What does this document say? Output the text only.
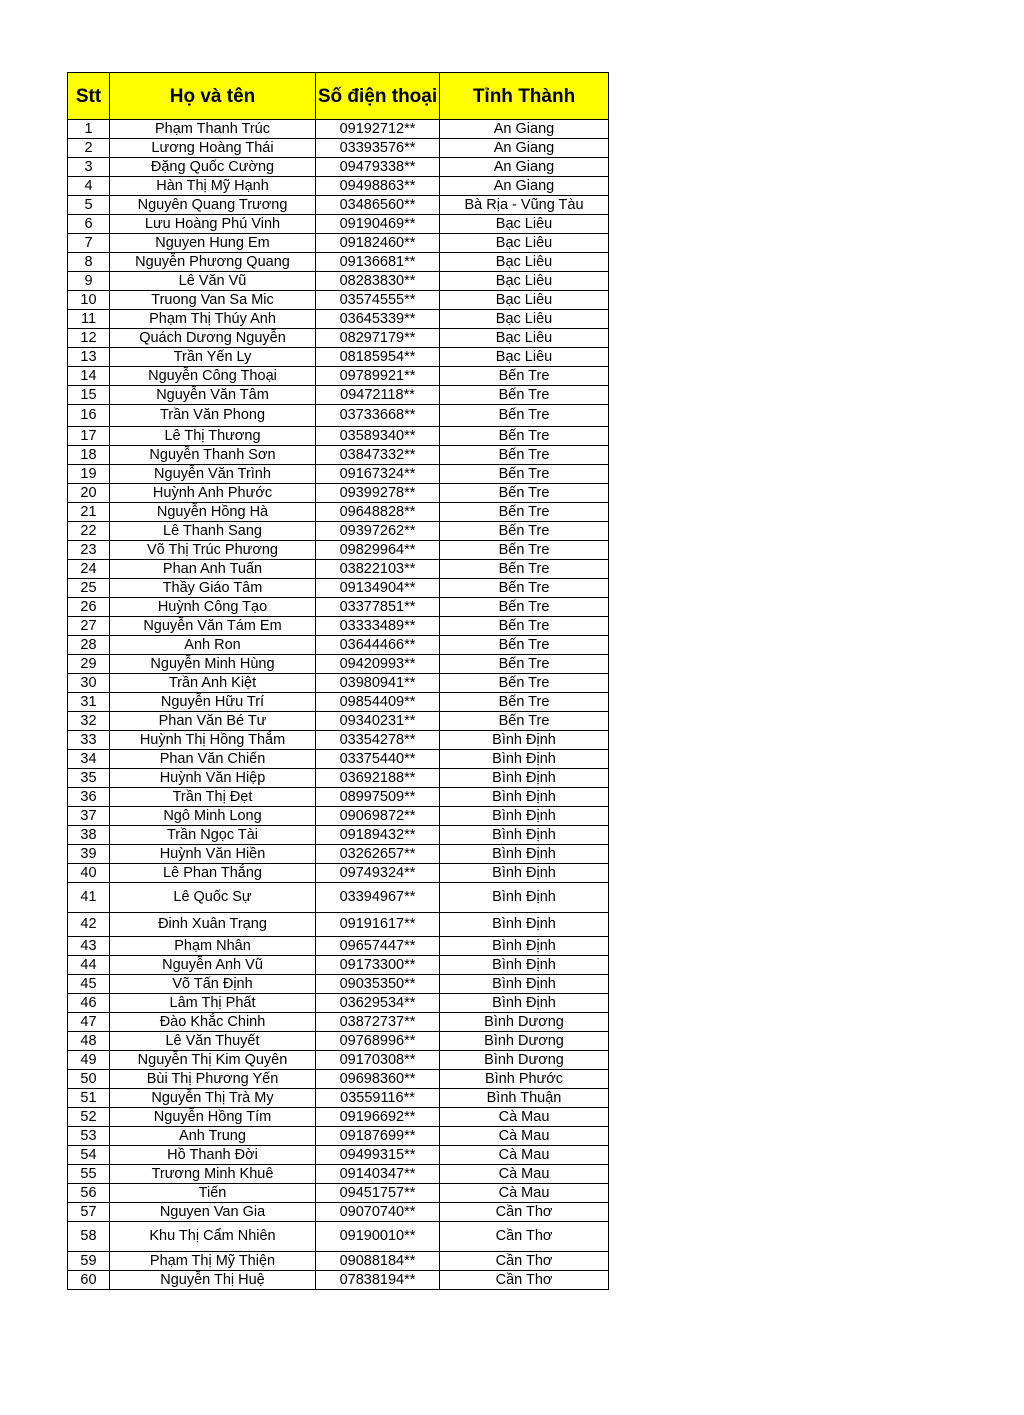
Stt	Họ và tên	Số điện thoại	Tỉnh Thành
1	Phạm Thanh Trúc	09192712**	An Giang
2	Lương Hoàng Thái	03393576**	An Giang
3	Đặng Quốc Cường	09479338**	An Giang
4	Hàn Thị Mỹ Hạnh	09498863**	An Giang
5	Nguyên Quang Trương	03486560**	Bà Rịa - Vũng Tàu
6	Lưu Hoàng Phú Vinh	09190469**	Bạc Liêu
7	Nguyen Hung Em	09182460**	Bạc Liêu
8	Nguyễn Phương Quang	09136681**	Bạc Liêu
9	Lê Văn Vũ	08283830**	Bạc Liêu
10	Truong Van Sa Mic	03574555**	Bạc Liêu
11	Phạm Thị Thúy Anh	03645339**	Bạc Liêu
12	Quách Dương Nguyễn	08297179**	Bạc Liêu
13	Trần Yến Ly	08185954**	Bạc Liêu
14	Nguyễn Công Thoại	09789921**	Bến Tre
15	Nguyễn Văn Tâm	09472118**	Bến Tre
16	Trần Văn Phong	03733668**	Bến Tre
17	Lê Thị Thương	03589340**	Bến Tre
18	Nguyễn Thanh Sơn	03847332**	Bến Tre
19	Nguyễn Văn Trình	09167324**	Bến Tre
20	Huỳnh Anh Phước	09399278**	Bến Tre
21	Nguyễn Hồng Hà	09648828**	Bến Tre
22	Lê Thanh Sang	09397262**	Bến Tre
23	Võ Thị Trúc Phương	09829964**	Bến Tre
24	Phan Anh Tuấn	03822103**	Bến Tre
25	Thầy Giáo Tâm	09134904**	Bến Tre
26	Huỳnh Công Tạo	03377851**	Bến Tre
27	Nguyễn Văn Tám Em	03333489**	Bến Tre
28	Anh Ron	03644466**	Bến Tre
29	Nguyễn Minh Hùng	09420993**	Bến Tre
30	Trần Anh Kiệt	03980941**	Bến Tre
31	Nguyễn Hữu Trí	09854409**	Bến Tre
32	Phan Văn Bé Tư	09340231**	Bến Tre
33	Huỳnh Thị Hồng Thắm	03354278**	Bình Định
34	Phan Văn Chiến	03375440**	Bình Định
35	Huỳnh Văn Hiệp	03692188**	Bình Định
36	Trần Thị Đẹt	08997509**	Bình Định
37	Ngô Minh Long	09069872**	Bình Định
38	Trần Ngọc Tài	09189432**	Bình Định
39	Huỳnh Văn Hiền	03262657**	Bình Định
40	Lê Phan Thắng	09749324**	Bình Định
41	Lê Quốc Sự	03394967**	Bình Định
42	Đinh Xuân Trạng	09191617**	Bình Định
43	Phạm Nhân	09657447**	Bình Định
44	Nguyễn Anh Vũ	09173300**	Bình Định
45	Võ Tấn Định	09035350**	Bình Định
46	Lâm Thị Phất	03629534**	Bình Định
47	Đào Khắc Chinh	03872737**	Bình Dương
48	Lê Văn Thuyết	09768996**	Bình Dương
49	Nguyễn Thị Kim Quyên	09170308**	Bình Dương
50	Bùi Thị Phương Yến	09698360**	Bình Phước
51	Nguyễn Thị Trà My	03559116**	Bình Thuận
52	Nguyễn Hồng Tím	09196692**	Cà Mau
53	Anh Trung	09187699**	Cà Mau
54	Hồ Thanh Đời	09499315**	Cà Mau
55	Trương Minh Khuê	09140347**	Cà Mau
56	Tiến	09451757**	Cà Mau
57	Nguyen Van Gia	09070740**	Cần Thơ
58	Khu Thị Cẩm Nhiên	09190010**	Cần Thơ
59	Phạm Thị Mỹ Thiện	09088184**	Cần Thơ
60	Nguyễn Thị Huệ	07838194**	Cần Thơ
